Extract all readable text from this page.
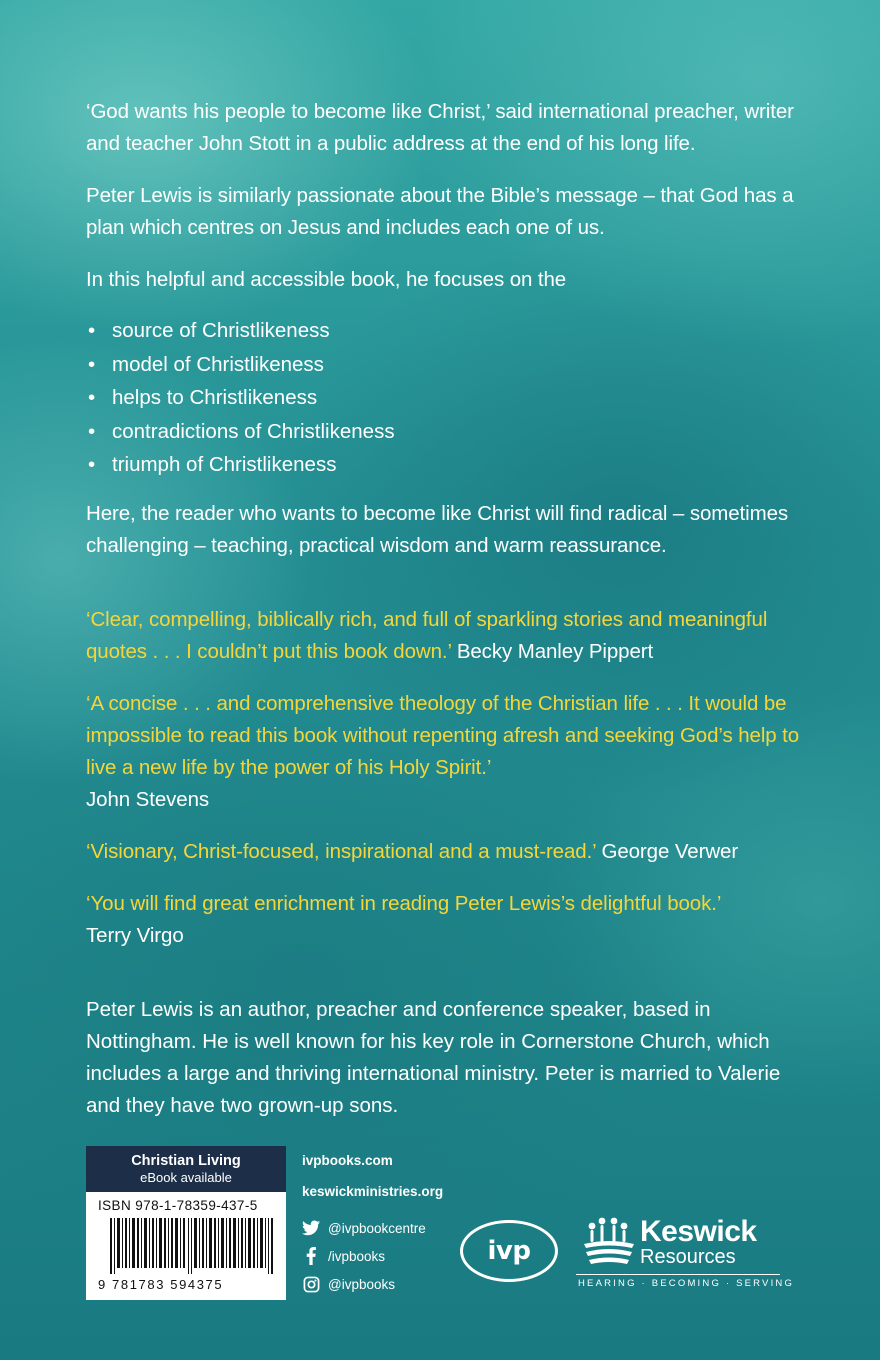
‘God wants his people to become like Christ,’ said international preacher, writer and teacher John Stott in a public address at the end of his long life.

Peter Lewis is similarly passionate about the Bible’s message – that God has a plan which centres on Jesus and includes each one of us.

In this helpful and accessible book, he focuses on the

• source of Christlikeness
• model of Christlikeness
• helps to Christlikeness
• contradictions of Christlikeness
• triumph of Christlikeness

Here, the reader who wants to become like Christ will find radical – sometimes challenging – teaching, practical wisdom and warm reassurance.

‘Clear, compelling, biblically rich, and full of sparkling stories and meaningful quotes . . . I couldn’t put this book down.’ Becky Manley Pippert

‘A concise . . . and comprehensive theology of the Christian life . . . It would be impossible to read this book without repenting afresh and seeking God’s help to live a new life by the power of his Holy Spirit.’
John Stevens

‘Visionary, Christ-focused, inspirational and a must-read.’ George Verwer

‘You will find great enrichment in reading Peter Lewis’s delightful book.’
Terry Virgo

Peter Lewis is an author, preacher and conference speaker, based in Nottingham. He is well known for his key role in Cornerstone Church, which includes a large and thriving international ministry. Peter is married to Valerie and they have two grown-up sons.

Christian Living
eBook available
ISBN 978-1-78359-437-5
9 781783 594375
ivpbooks.com
keswickministries.org
@ivpbookcentre
/ivpbooks
@ivpbooks
ivp
Keswick
Resources
HEARING · BECOMING · SERVING
